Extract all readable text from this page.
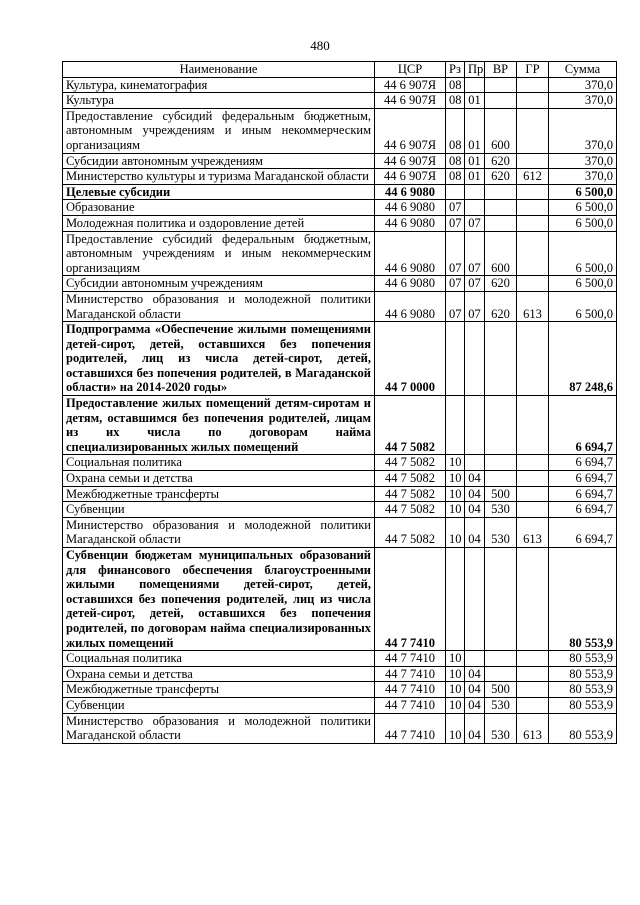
480
Наименование	ЦСР	Рз	Пр	ВР	ГР	Сумма
Культура, кинематография	44 6 907Я	08				370,0
Культура	44 6 907Я	08	01			370,0
Предоставление субсидий федеральным бюджетным, автономным учреждениям и иным некоммерческим организациям	44 6 907Я	08	01	600		370,0
Субсидии автономным учреждениям	44 6 907Я	08	01	620		370,0
Министерство культуры и туризма Магаданской области	44 6 907Я	08	01	620	612	370,0
Целевые субсидии	44 6 9080					6 500,0
Образование	44 6 9080	07				6 500,0
Молодежная политика и оздоровление детей	44 6 9080	07	07			6 500,0
Предоставление субсидий федеральным бюджетным, автономным учреждениям и иным некоммерческим организациям	44 6 9080	07	07	600		6 500,0
Субсидии автономным учреждениям	44 6 9080	07	07	620		6 500,0
Министерство образования и молодежной политики Магаданской области	44 6 9080	07	07	620	613	6 500,0
Подпрограмма «Обеспечение жилыми помещениями детей-сирот, детей, оставшихся без попечения родителей, лиц из числа детей-сирот, детей, оставшихся без попечения родителей, в Магаданской области» на 2014-2020 годы»	44 7 0000					87 248,6
Предоставление жилых помещений детям-сиротам и детям, оставшимся без попечения родителей, лицам из их числа по договорам найма специализированных жилых помещений	44 7 5082					6 694,7
Социальная политика	44 7 5082	10				6 694,7
Охрана семьи и детства	44 7 5082	10	04			6 694,7
Межбюджетные трансферты	44 7 5082	10	04	500		6 694,7
Субвенции	44 7 5082	10	04	530		6 694,7
Министерство образования и молодежной политики Магаданской области	44 7 5082	10	04	530	613	6 694,7
Субвенции бюджетам муниципальных образований для финансового обеспечения благоустроенными жилыми помещениями детей-сирот, детей, оставшихся без попечения родителей, лиц из числа детей-сирот, детей, оставшихся без попечения родителей, по договорам найма специализированных жилых помещений	44 7 7410					80 553,9
Социальная политика	44 7 7410	10				80 553,9
Охрана семьи и детства	44 7 7410	10	04			80 553,9
Межбюджетные трансферты	44 7 7410	10	04	500		80 553,9
Субвенции	44 7 7410	10	04	530		80 553,9
Министерство образования и молодежной политики Магаданской области	44 7 7410	10	04	530	613	80 553,9
